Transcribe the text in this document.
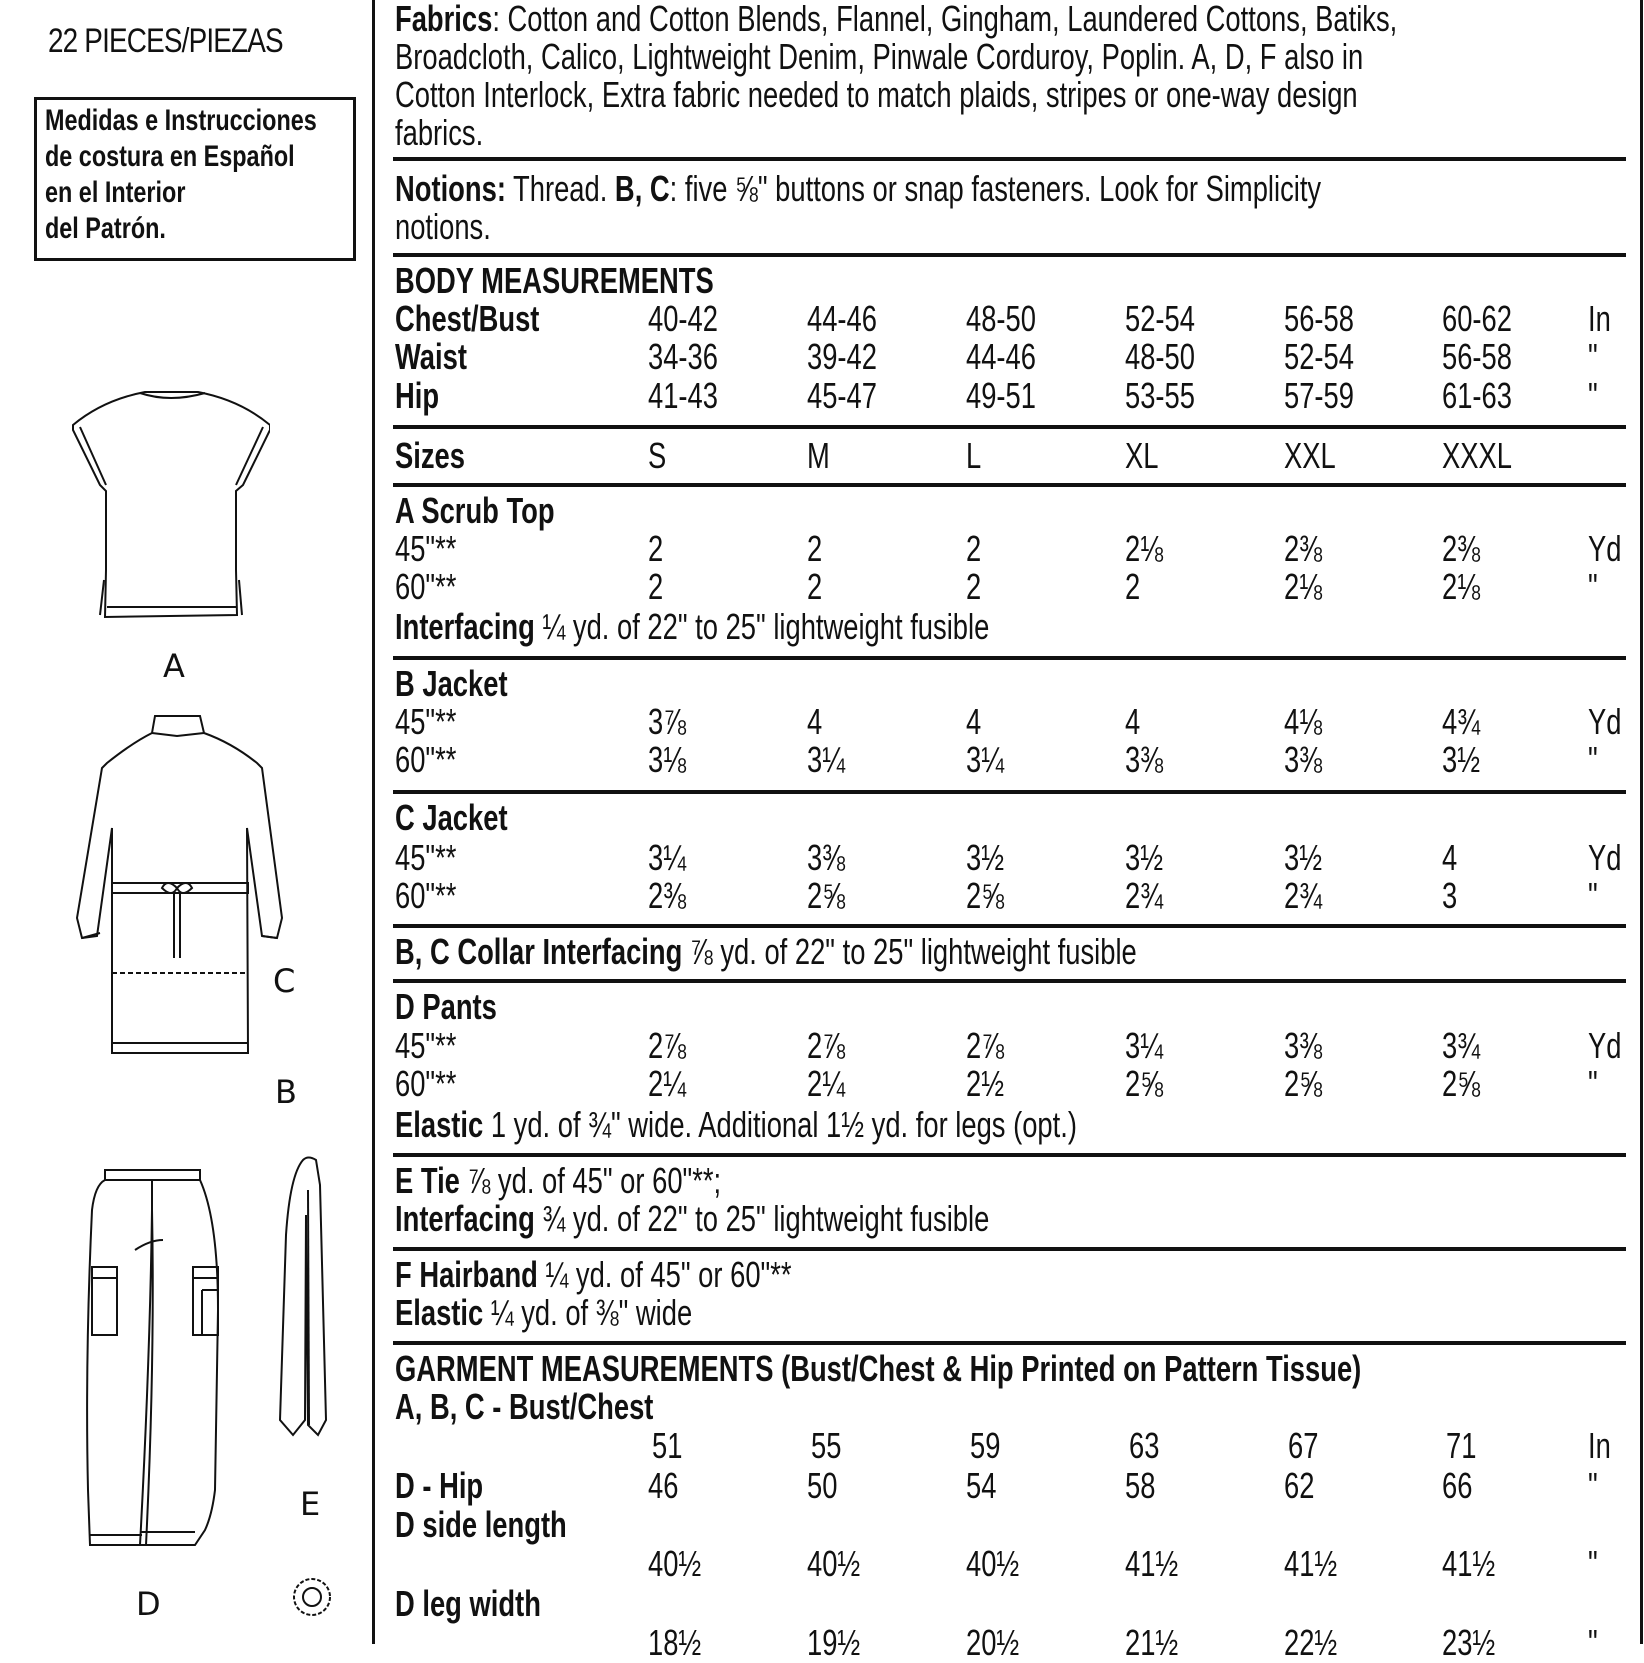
22 PIECES/PIEZAS
Medidas e Instrucciones
de costura en Español
en el Interior
del Patrón.
A
C
B
D
E
Fabrics: Cotton and Cotton Blends, Flannel, Gingham, Laundered Cottons, Batiks,
Broadcloth, Calico, Lightweight Denim, Pinwale Corduroy, Poplin. A, D, F also in
Cotton Interlock, Extra fabric needed to match plaids, stripes or one-way design
fabrics.
Notions: Thread. B, C: five ⅝" buttons or snap fasteners. Look for Simplicity
notions.
BODY MEASUREMENTS
Chest/Bust	40-42 44-46 48-50 52-54 56-58 60-62 In
Waist	34-36 39-42 44-46 48-50 52-54 56-58 "
Hip	41-43 45-47 49-51 53-55 57-59 61-63 "
Sizes	S	M	L	XL	XXL	XXXL
A Scrub Top
45"**	2	2	2	2⅛	2⅜	2⅜	Yd
60"**	2	2	2	2	2⅛	2⅛	"
Interfacing ¼ yd. of 22" to 25" lightweight fusible
B Jacket
45"**	3⅞	4	4	4	4⅛	4¾	Yd
60"**	3⅛	3¼	3¼	3⅜	3⅜	3½	"
C Jacket
45"**	3¼	3⅜	3½	3½	3½	4	Yd
60"**	2⅜	2⅝	2⅝	2¾	2¾	3	"
B, C Collar Interfacing ⅞ yd. of 22" to 25" lightweight fusible
D Pants
45"**	2⅞	2⅞	2⅞	3¼	3⅜	3¾	Yd
60"**	2¼	2¼	2½	2⅝	2⅝	2⅝	"
Elastic 1 yd. of ¾" wide. Additional 1½ yd. for legs (opt.)
E Tie ⅞ yd. of 45" or 60"**;
Interfacing ¾ yd. of 22" to 25" lightweight fusible
F Hairband ¼ yd. of 45" or 60"**
Elastic ¼ yd. of ⅜" wide
GARMENT MEASUREMENTS (Bust/Chest & Hip Printed on Pattern Tissue)
A, B, C - Bust/Chest
51	55	59	63	67	71	In
D - Hip	46	50	54	58	62	66	"
D side length
40½	40½	40½	41½	41½	41½	"
D leg width
18½	19½	20½	21½	22½	23½	"
